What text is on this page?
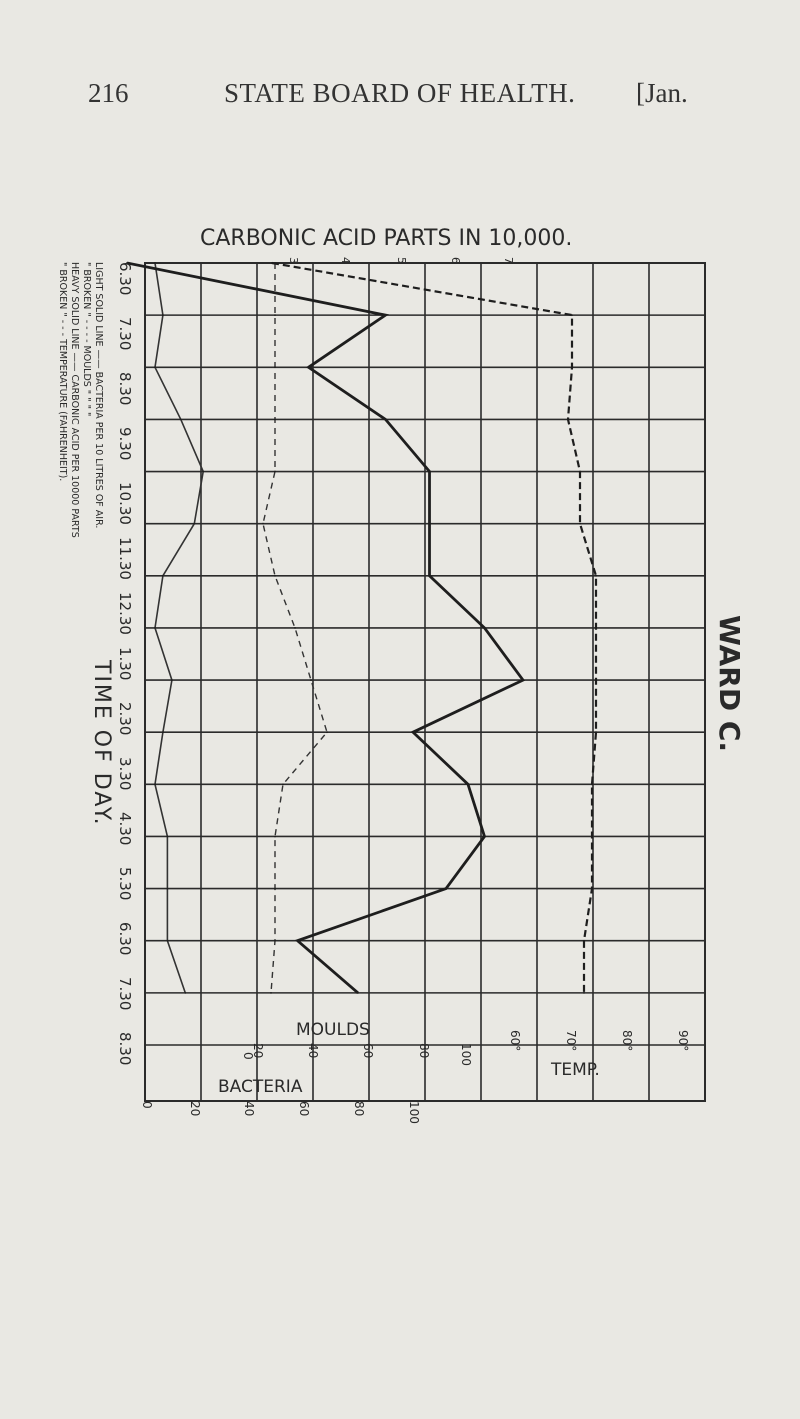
216	STATE BOARD OF HEALTH. [Jan.
CARBONIC ACID PARTS IN 10,000.
3	4	5	6	7
MOULDS
BACTERIA
0
20	40	60	80 100
0	20	40	60	80	100
TEMP.
60°	70°	80°	90°
6.30
7.30
8.30
9.30
10.30
11.30
12.30
1.30
2.30
3.30
4.30
5.30
6.30
7.30
8.30
TIME OF DAY.
LIGHT SOLID LINE —— BACTERIA PER 10 LITRES OF AIR.
" BROKEN " - - - - MOULDS " " " "
HEAVY SOLID LINE —— CARBONIC ACID PER 10000 PARTS
" BROKEN " - - - TEMPERATURE (FAHRENHEIT).
WARD C.
